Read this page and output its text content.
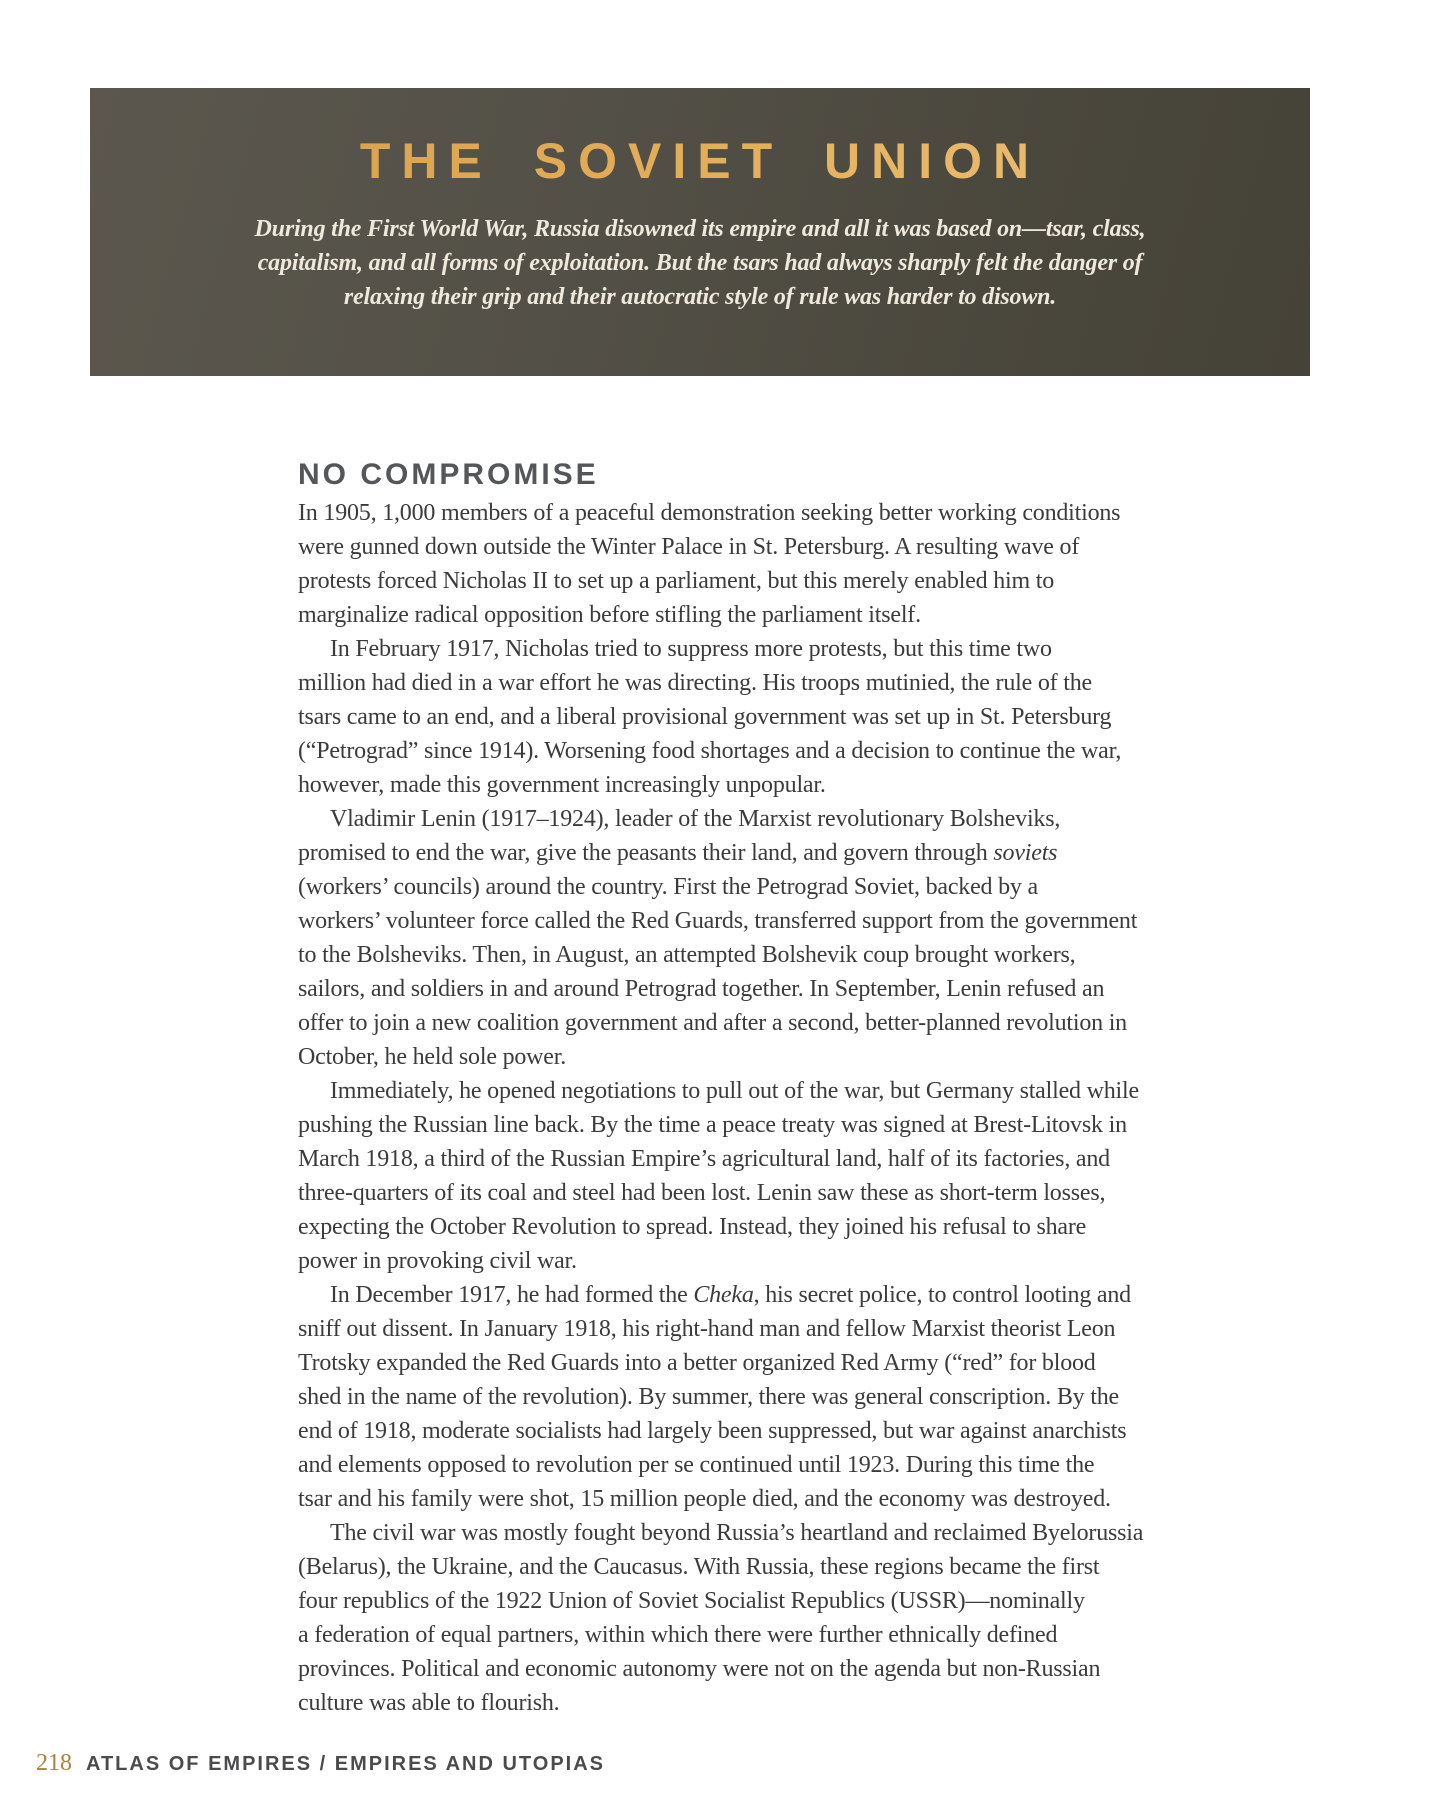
THE SOVIET UNION
During the First World War, Russia disowned its empire and all it was based on—tsar, class,
capitalism, and all forms of exploitation. But the tsars had always sharply felt the danger of
relaxing their grip and their autocratic style of rule was harder to disown.
NO COMPROMISE
In 1905, 1,000 members of a peaceful demonstration seeking better working conditions
were gunned down outside the Winter Palace in St. Petersburg. A resulting wave of
protests forced Nicholas II to set up a parliament, but this merely enabled him to
marginalize radical opposition before stifling the parliament itself.
In February 1917, Nicholas tried to suppress more protests, but this time two
million had died in a war effort he was directing. His troops mutinied, the rule of the
tsars came to an end, and a liberal provisional government was set up in St. Petersburg
(“Petrograd” since 1914). Worsening food shortages and a decision to continue the war,
however, made this government increasingly unpopular.
Vladimir Lenin (1917–1924), leader of the Marxist revolutionary Bolsheviks,
promised to end the war, give the peasants their land, and govern through soviets
(workers’ councils) around the country. First the Petrograd Soviet, backed by a
workers’ volunteer force called the Red Guards, transferred support from the government
to the Bolsheviks. Then, in August, an attempted Bolshevik coup brought workers,
sailors, and soldiers in and around Petrograd together. In September, Lenin refused an
offer to join a new coalition government and after a second, better-planned revolution in
October, he held sole power.
Immediately, he opened negotiations to pull out of the war, but Germany stalled while
pushing the Russian line back. By the time a peace treaty was signed at Brest-Litovsk in
March 1918, a third of the Russian Empire’s agricultural land, half of its factories, and
three-quarters of its coal and steel had been lost. Lenin saw these as short-term losses,
expecting the October Revolution to spread. Instead, they joined his refusal to share
power in provoking civil war.
In December 1917, he had formed the Cheka, his secret police, to control looting and
sniff out dissent. In January 1918, his right-hand man and fellow Marxist theorist Leon
Trotsky expanded the Red Guards into a better organized Red Army (“red” for blood
shed in the name of the revolution). By summer, there was general conscription. By the
end of 1918, moderate socialists had largely been suppressed, but war against anarchists
and elements opposed to revolution per se continued until 1923. During this time the
tsar and his family were shot, 15 million people died, and the economy was destroyed.
The civil war was mostly fought beyond Russia’s heartland and reclaimed Byelorussia
(Belarus), the Ukraine, and the Caucasus. With Russia, these regions became the first
four republics of the 1922 Union of Soviet Socialist Republics (USSR)—nominally
a federation of equal partners, within which there were further ethnically defined
provinces. Political and economic autonomy were not on the agenda but non-Russian
culture was able to flourish.
218 ATLAS OF EMPIRES / EMPIRES AND UTOPIAS
